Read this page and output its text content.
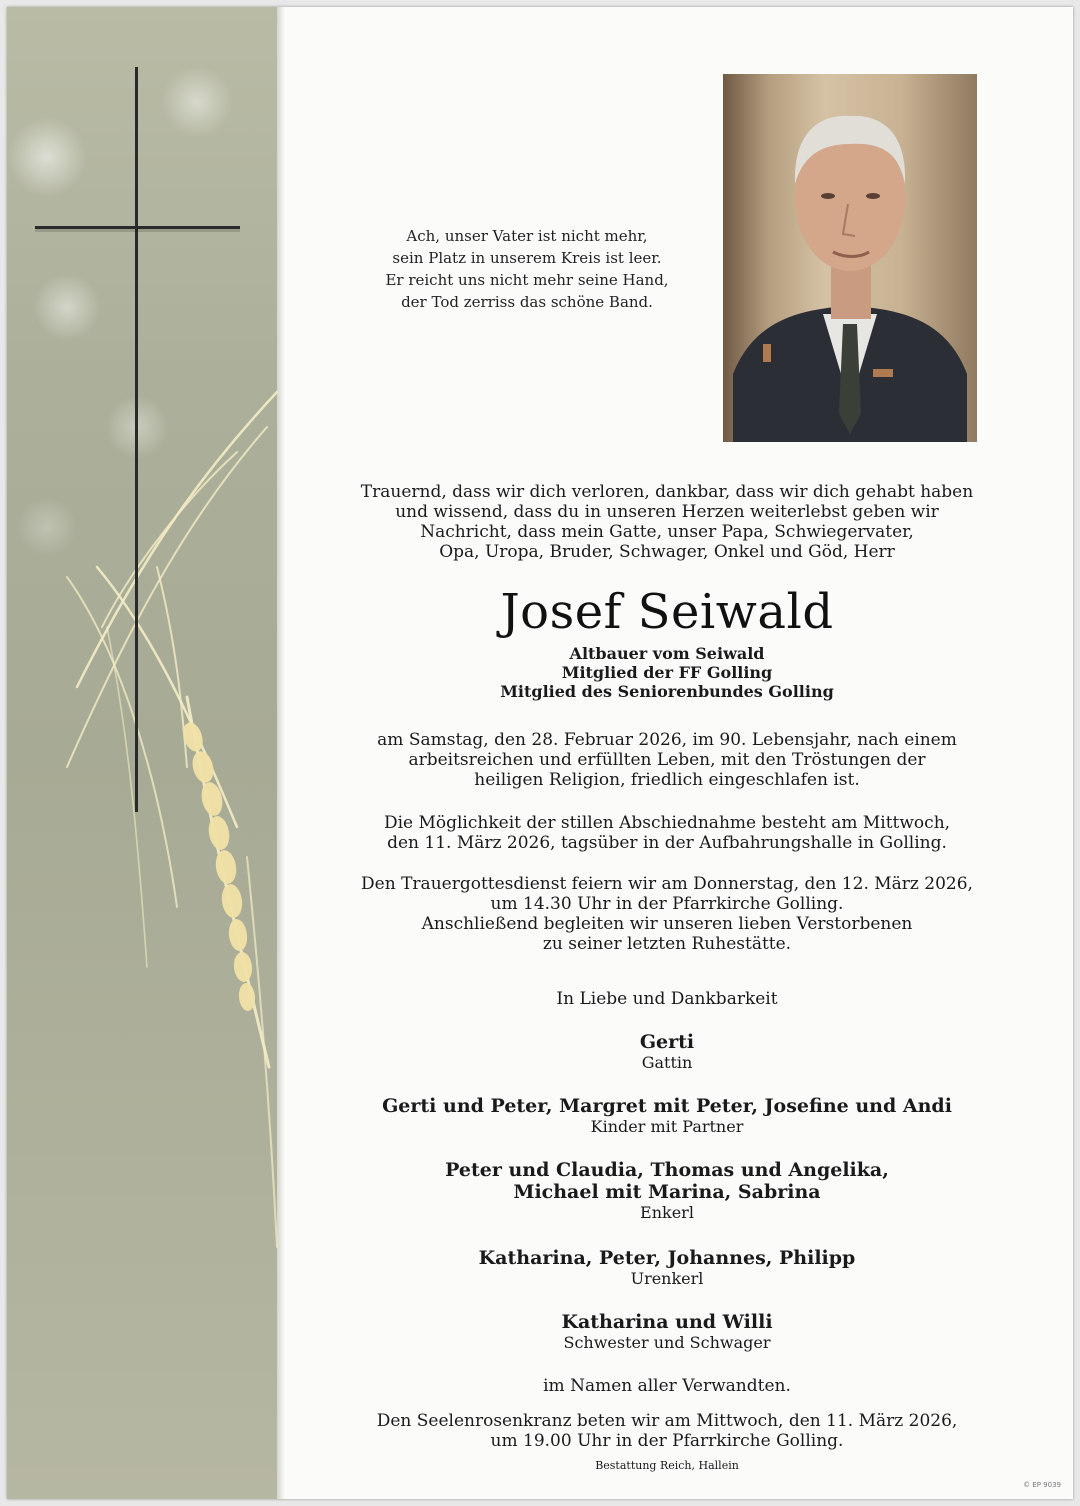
Ach, unser Vater ist nicht mehr,
sein Platz in unserem Kreis ist leer.
Er reicht uns nicht mehr seine Hand,
der Tod zerriss das schöne Band.
Trauernd, dass wir dich verloren, dankbar, dass wir dich gehabt haben
und wissend, dass du in unseren Herzen weiterlebst geben wir
Nachricht, dass mein Gatte, unser Papa, Schwiegervater,
Opa, Uropa, Bruder, Schwager, Onkel und Göd, Herr
Josef Seiwald
Altbauer vom Seiwald
Mitglied der FF Golling
Mitglied des Seniorenbundes Golling
am Samstag, den 28. Februar 2026, im 90. Lebensjahr, nach einem
arbeitsreichen und erfüllten Leben, mit den Tröstungen der
heiligen Religion, friedlich eingeschlafen ist.
Die Möglichkeit der stillen Abschiednahme besteht am Mittwoch,
den 11. März 2026, tagsüber in der Aufbahrungshalle in Golling.
Den Trauergottesdienst feiern wir am Donnerstag, den 12. März 2026,
um 14.30 Uhr in der Pfarrkirche Golling.
Anschließend begleiten wir unseren lieben Verstorbenen
zu seiner letzten Ruhestätte.
In Liebe und Dankbarkeit
Gerti
Gattin
Gerti und Peter, Margret mit Peter, Josefine und Andi
Kinder mit Partner
Peter und Claudia, Thomas und Angelika,
Michael mit Marina, Sabrina
Enkerl
Katharina, Peter, Johannes, Philipp
Urenkerl
Katharina und Willi
Schwester und Schwager
im Namen aller Verwandten.
Den Seelenrosenkranz beten wir am Mittwoch, den 11. März 2026,
um 19.00 Uhr in der Pfarrkirche Golling.
Bestattung Reich, Hallein
© EP 9039
